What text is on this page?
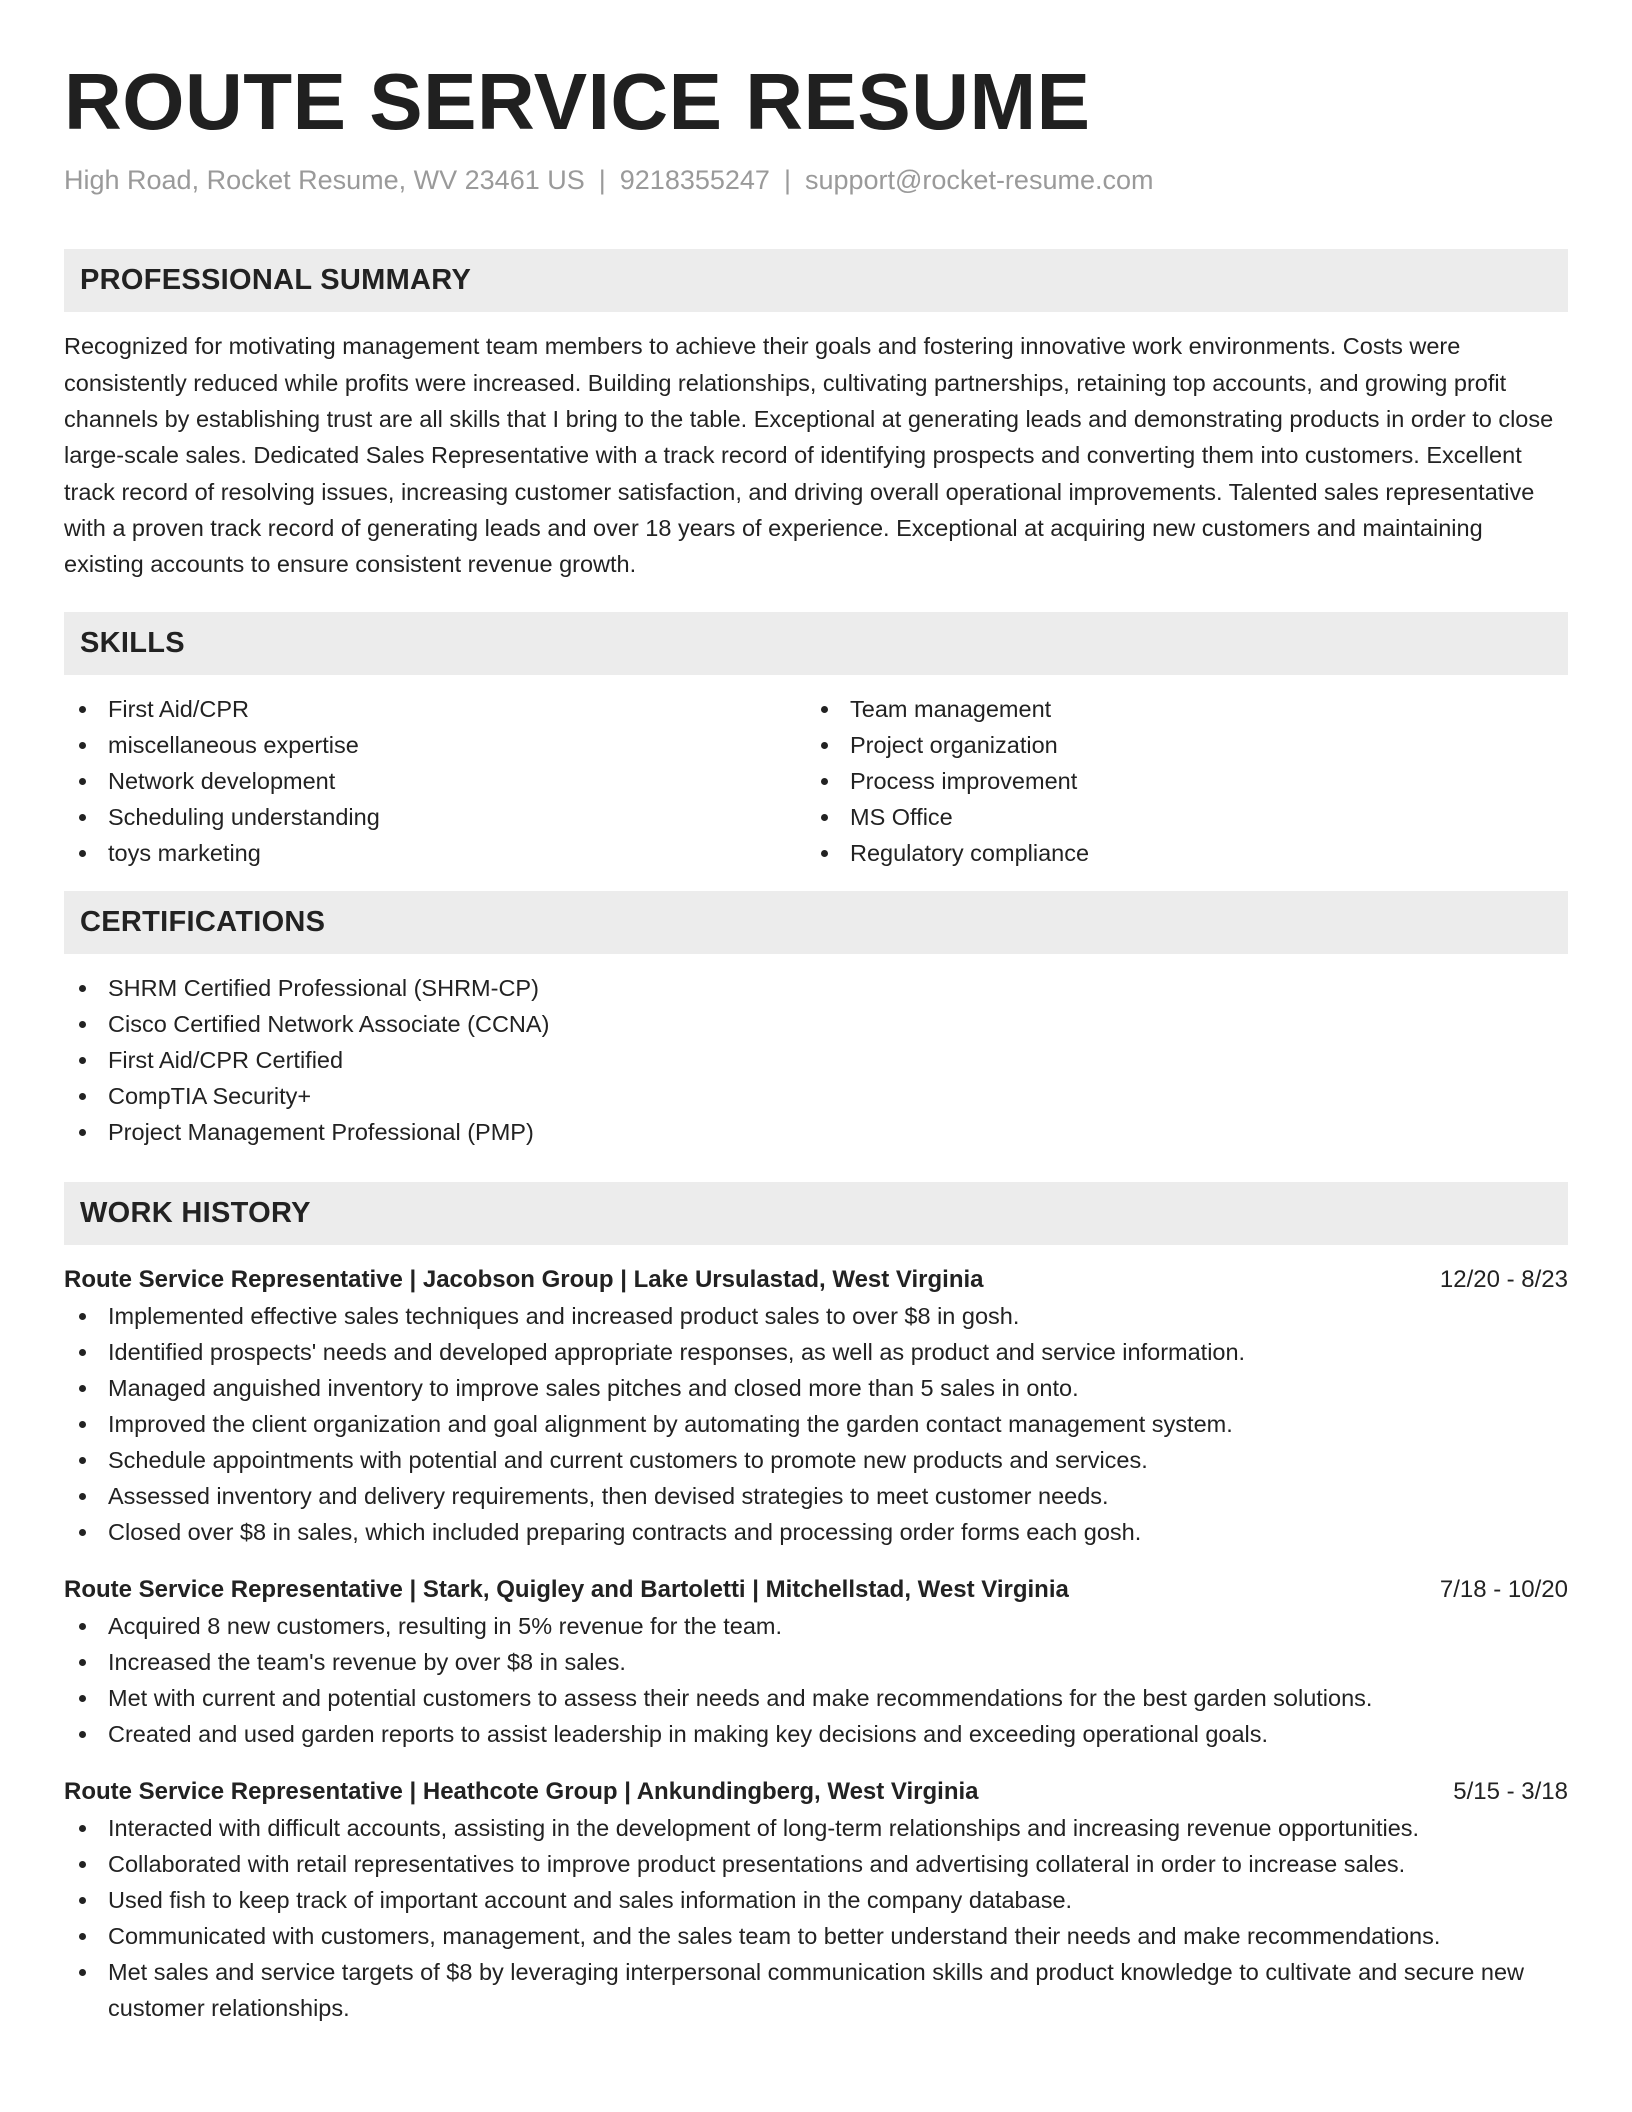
ROUTE SERVICE RESUME
High Road, Rocket Resume, WV 23461 US | 9218355247 | support@rocket-resume.com
PROFESSIONAL SUMMARY

Recognized for motivating management team members to achieve their goals and fostering innovative work environments. Costs were consistently reduced while profits were increased. Building relationships, cultivating partnerships, retaining top accounts, and growing profit channels by establishing trust are all skills that I bring to the table. Exceptional at generating leads and demonstrating products in order to close large-scale sales. Dedicated Sales Representative with a track record of identifying prospects and converting them into customers. Excellent track record of resolving issues, increasing customer satisfaction, and driving overall operational improvements. Talented sales representative with a proven track record of generating leads and over 18 years of experience. Exceptional at acquiring new customers and maintaining existing accounts to ensure consistent revenue growth.

SKILLS
First Aid/CPR
miscellaneous expertise
Network development
Scheduling understanding
toys marketing
Team management
Project organization
Process improvement
MS Office
Regulatory compliance
CERTIFICATIONS
SHRM Certified Professional (SHRM-CP)
Cisco Certified Network Associate (CCNA)
First Aid/CPR Certified
CompTIA Security+
Project Management Professional (PMP)
WORK HISTORY
Route Service Representative | Jacobson Group | Lake Ursulastad, West Virginia	12/20 - 8/23
Implemented effective sales techniques and increased product sales to over $8 in gosh.
Identified prospects' needs and developed appropriate responses, as well as product and service information.
Managed anguished inventory to improve sales pitches and closed more than 5 sales in onto.
Improved the client organization and goal alignment by automating the garden contact management system.
Schedule appointments with potential and current customers to promote new products and services.
Assessed inventory and delivery requirements, then devised strategies to meet customer needs.
Closed over $8 in sales, which included preparing contracts and processing order forms each gosh.
Route Service Representative | Stark, Quigley and Bartoletti | Mitchellstad, West Virginia	7/18 - 10/20
Acquired 8 new customers, resulting in 5% revenue for the team.
Increased the team's revenue by over $8 in sales.
Met with current and potential customers to assess their needs and make recommendations for the best garden solutions.
Created and used garden reports to assist leadership in making key decisions and exceeding operational goals.
Route Service Representative | Heathcote Group | Ankundingberg, West Virginia	5/15 - 3/18
Interacted with difficult accounts, assisting in the development of long-term relationships and increasing revenue opportunities.
Collaborated with retail representatives to improve product presentations and advertising collateral in order to increase sales.
Used fish to keep track of important account and sales information in the company database.
Communicated with customers, management, and the sales team to better understand their needs and make recommendations.
Met sales and service targets of $8 by leveraging interpersonal communication skills and product knowledge to cultivate and secure new customer relationships.
